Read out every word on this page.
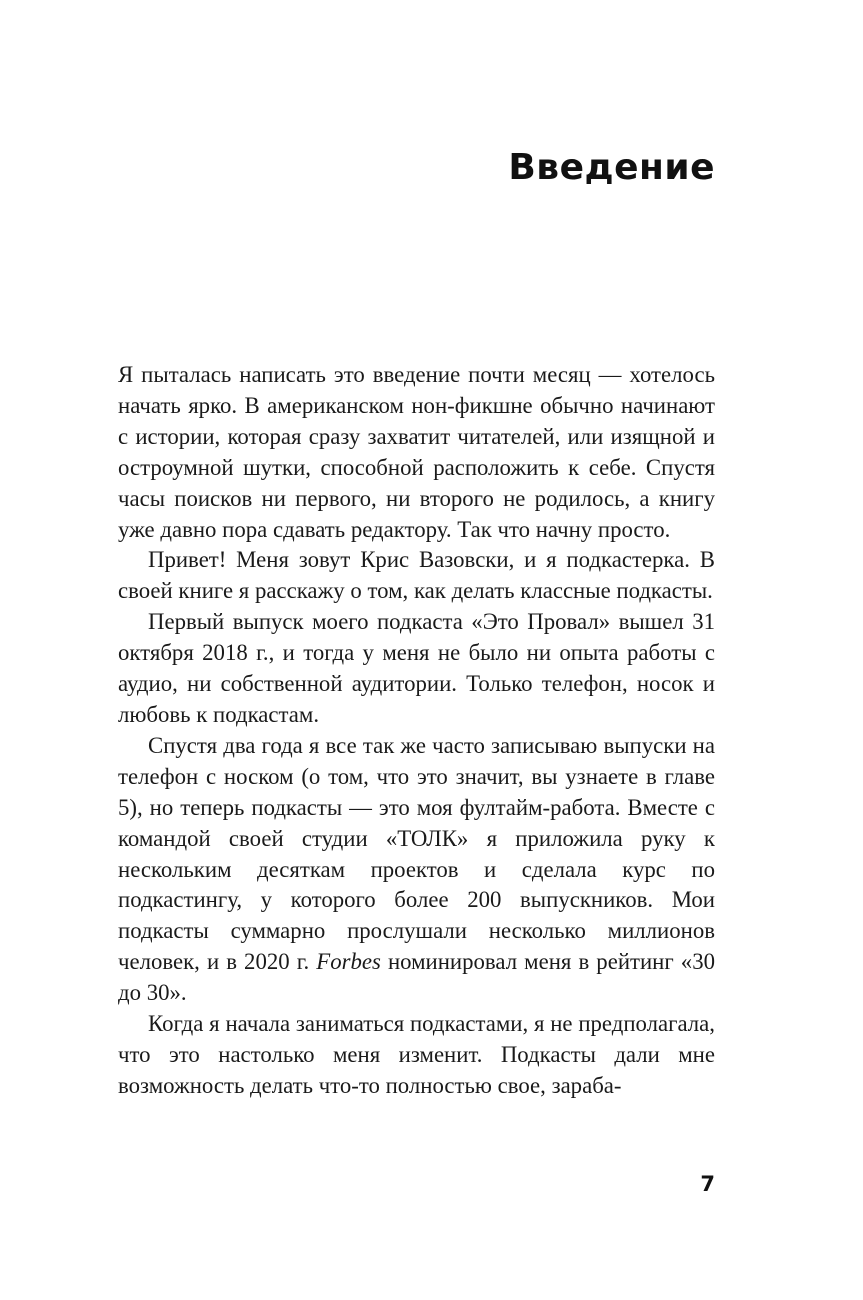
Введение

Я пыталась написать это введение почти месяц — хотелось начать ярко. В американском нон-фикшне обычно начинают с истории, которая сразу захватит читателей, или изящной и остроумной шутки, способной расположить к себе. Спустя часы поисков ни первого, ни второго не родилось, а книгу уже давно пора сдавать редактору. Так что начну просто.

Привет! Меня зовут Крис Вазовски, и я подкастерка. В своей книге я расскажу о том, как делать классные подкасты.

Первый выпуск моего подкаста «Это Провал» вышел 31 октября 2018 г., и тогда у меня не было ни опыта работы с аудио, ни собственной аудитории. Только телефон, носок и любовь к подкастам.

Спустя два года я все так же часто записываю выпуски на телефон с носком (о том, что это значит, вы узнаете в главе 5), но теперь подкасты — это моя фултайм-работа. Вместе с командой своей студии «ТОЛК» я приложила руку к нескольким десяткам проектов и сделала курс по подкастингу, у которого более 200 выпускников. Мои подкасты суммарно прослушали несколько миллионов человек, и в 2020 г. Forbes номинировал меня в рейтинг «30 до 30».

Когда я начала заниматься подкастами, я не предполагала, что это настолько меня изменит. Подкасты дали мне возможность делать что-то полностью свое, зараба-

7
